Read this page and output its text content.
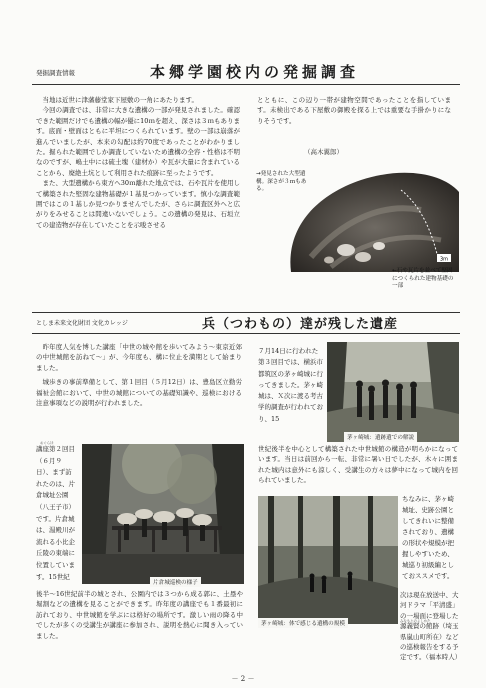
発掘調査情報	本郷学園校内の発掘調査

当地は近世に津藩藤堂家下屋敷の一角にあたります。

今回の調査では、非常に大きな遺構の一部が発見されました。確認できた範囲だけでも遺構の幅が優に10ｍを超え、深さは３ｍもあります。底面・壁面はともに平坦につくられています。壁の一部は崩落が進んでいましたが、本来の勾配は約70度であったことがわかりました。掘られた範囲でしか調査していないため遺構の全容・性格は不明なのですが、嶋土中には硫土塊（建材か）や瓦が大量に含まれていることから、廃絶土坑として利用された痕跡に至ったようです。

また、大型遺構から東方へ30ｍ離れた地点では、石や瓦片を使用して構築された堅固な建物基礎が１基見つかっています。慎小な調査範囲ではこの１基しか見つかりませんでしたが、さらに調査区外へと広がりをみせることは間違いないでしょう。この遺構の発見は、石垣立ての建造物が存在していたことを示唆させる

とともに、この辺り一帯が建物空間であったことを指しています。未検出である下屋敷の御殿を探る上では重要な手掛かりになりそうです。

（高木翼郎）
3m
→発見された大型遺構。深さが３ｍもある。
←石や瓦片を並べて堅固につくられた建物基礎の一部
としま未来文化財団 文化カレッジ	兵（つわもの）達が残した遺産

昨年度人気を博した講座「中世の城や館を歩いてみよう～東京近郊の中世城館を訪ねて～」が、今年度も、構に位止を満期として始まりました。

城歩きの事前準備として、第１回目（５月12日）は、豊島区立勤労福祉会館において、中世の城館についての基礎知識や、巡検における注意事項などの説明が行われました。

講座第２回目（６月９日）、まず訪れたのは、片倉城址公園（八王子市）です。片倉城は、湯殿川が流れる小比企丘陵の東端に位置しています。15世紀
片倉城巡検の様子
後半～16世紀前半の城とされ、公園内では３つから成る郭に、土塁や堀割などの遺構を見ることができます。昨年度の講座でも１番最初に訪れており、中世城館を学ぶには格好の場所です。激しい雨の降る中でしたが多くの受講生が講座に参加され、説明を熱心に聞き入っていました。
おぐらほ
７月14日に行われた第３回目では、横浜市都筑区の茅ヶ崎城に行ってきました。茅ヶ崎城は、Ｘ次に渡る考古学的調査が行われており、15
茅ヶ崎城：遺跡遺での解説
世紀後半を中心として構築された中世城館の構造が明らかになっています。当日は前回から一転、非常に暑い日でしたが、木々に囲まれた城内は意外にも涼しく、受講生の方々は夢中になって城内を回られていました。
みなもとのよしかた
茅ヶ崎城：体で感じる遺構の規模
ちなみに、茅ヶ崎城址、史跡公園としてきれいに整備されており、遺構の形状や規模が把握しやすいため、城巡り初級編としておススメです。
次は現在放送中、大河ドラマ「平清盛」の一場面に登場した源義賢の館跡（埼玉県嵐山町所在）などの巡検報告をする予定です。（福本時人）
－ 2 －
